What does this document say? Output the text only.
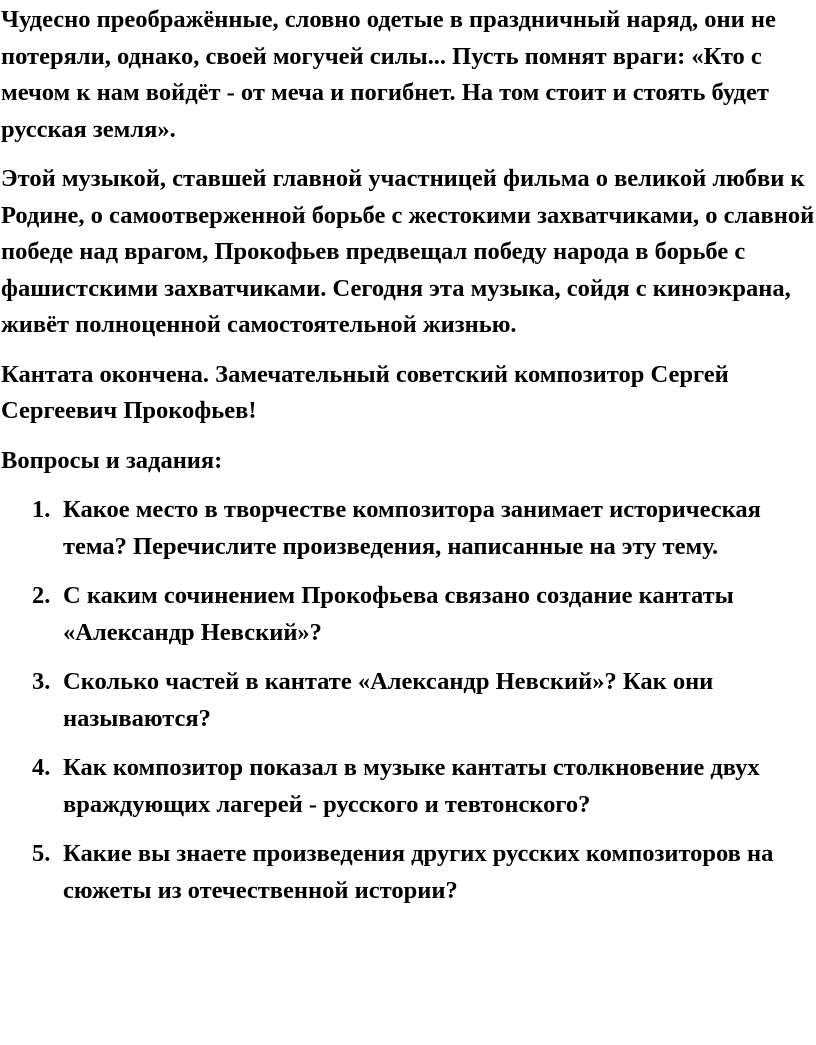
Чудесно преображённые, словно одетые в праздничный наряд, они не потеряли, однако, своей могучей силы... Пусть помнят враги: «Кто с мечом к нам войдёт - от меча и погибнет. На том стоит и стоять будет русская земля».

Этой музыкой, ставшей главной участницей фильма о великой любви к Родине, о самоотверженной борьбе с жестокими захватчиками, о славной победе над врагом, Прокофьев предвещал победу народа в борьбе с фашистскими захватчиками. Сегодня эта музыка, сойдя с киноэкрана, живёт полноценной самостоятельной жизнью.

Кантата окончена. Замечательный советский композитор Сергей Сергеевич Прокофьев!

Вопросы и задания:

1. Какое место в творчестве композитора занимает историческая тема? Перечислите произведения, написанные на эту тему.
2. С каким сочинением Прокофьева связано создание кантаты «Александр Невский»?
3. Сколько частей в кантате «Александр Невский»? Как они называются?
4. Как композитор показал в музыке кантаты столкновение двух враждующих лагерей - русского и тевтонского?
5. Какие вы знаете произведения других русских композиторов на сюжеты из отечественной истории?
